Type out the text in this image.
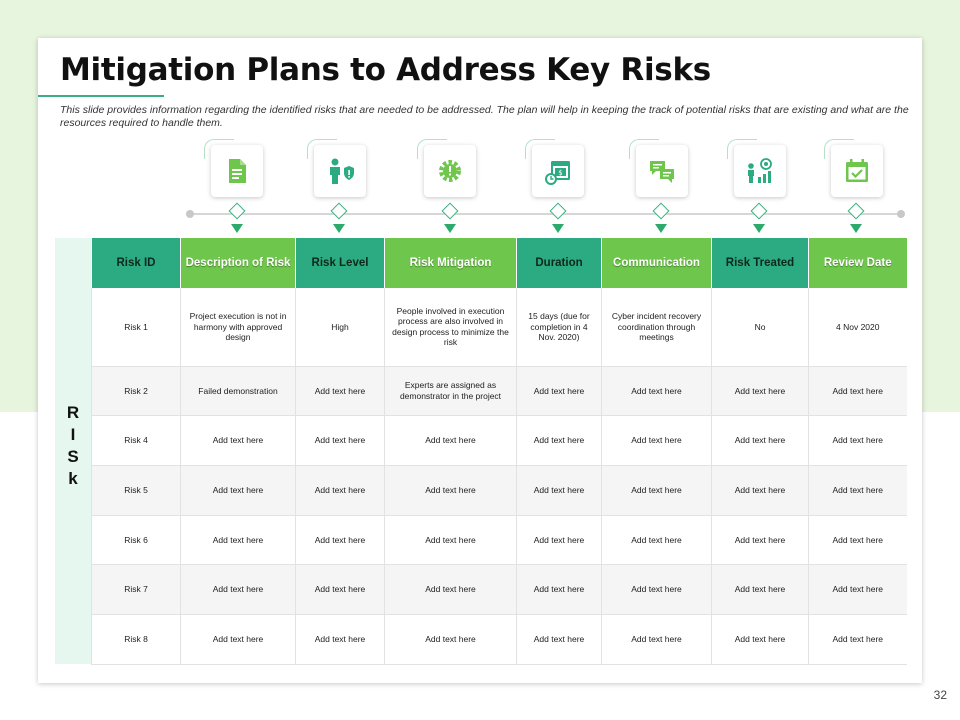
Mitigation Plans to Address Key Risks
This slide provides information regarding the identified risks that are needed to be addressed. The plan will help in keeping the track of potential risks that are existing and what are the resources required to handle them.
$
R
I
S
k
Risk ID	Description of Risk	Risk Level	Risk Mitigation	Duration	Communication	Risk Treated	Review Date
Risk 1	Project execution is not in harmony with approved design	High	People involved in execution process are also involved in design process to minimize the risk	15 days (due for completion in 4 Nov. 2020)	Cyber incident recovery coordination through meetings	No	4 Nov 2020
Risk 2	Failed demonstration	Add text here	Experts are assigned as demonstrator in the project	Add text here	Add text here	Add text here	Add text here
Risk 4	Add text here	Add text here	Add text here	Add text here	Add text here	Add text here	Add text here
Risk 5	Add text here	Add text here	Add text here	Add text here	Add text here	Add text here	Add text here
Risk 6	Add text here	Add text here	Add text here	Add text here	Add text here	Add text here	Add text here
Risk 7	Add text here	Add text here	Add text here	Add text here	Add text here	Add text here	Add text here
Risk 8	Add text here	Add text here	Add text here	Add text here	Add text here	Add text here	Add text here
32
